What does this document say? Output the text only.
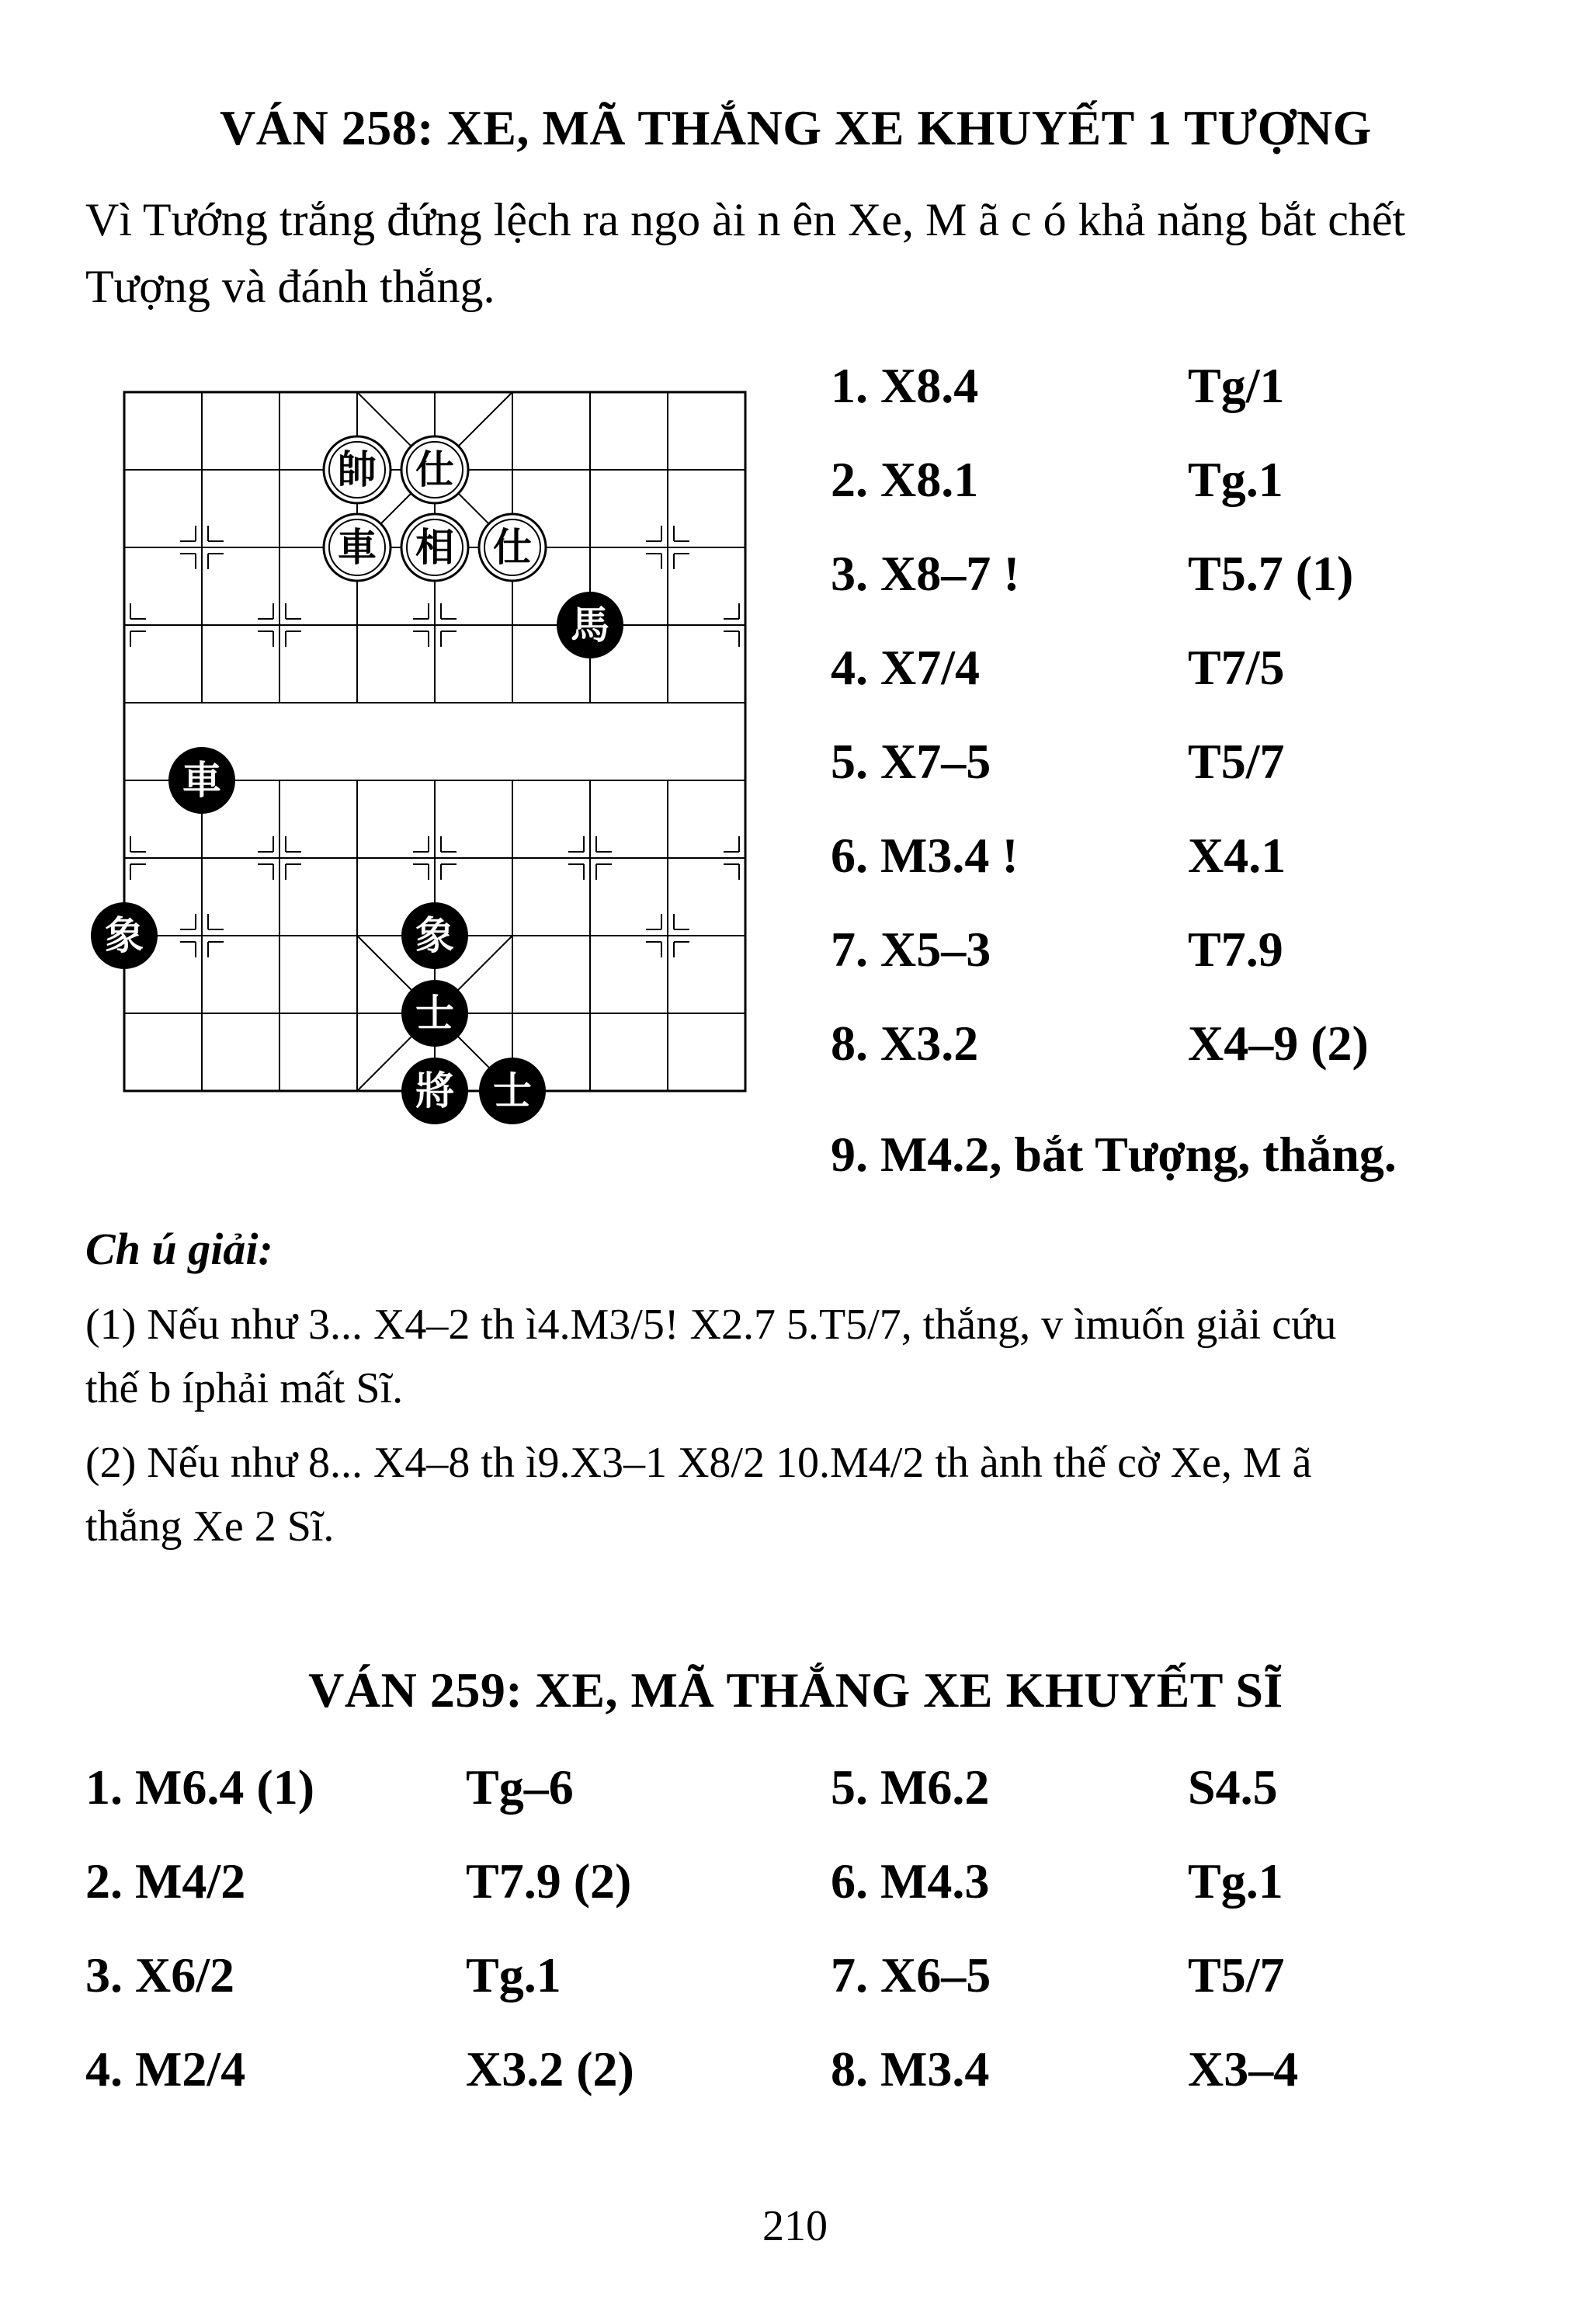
VÁN 258: XE, MÃ THẮNG XE KHUYẾT 1 TƯỢNG
Vì Tướng trắng đứng lệch ra ngo ài n ên Xe, M ã c ó khả năng bắt chết
Tượng và đánh thắng.
帥 仕
車 相 仕
馬
車
象	象
士
將 士
1. X8.4	Tg/1
2. X8.1	Tg.1
3. X8–7 !	T5.7 (1)
4. X7/4	T7/5
5. X7–5	T5/7
6. M3.4 !	X4.1
7. X5–3	T7.9
8. X3.2	X4–9 (2)
9. M4.2, bắt Tượng, thắng.
Ch ú giải:
(1) Nếu như 3... X4–2 th ì4.M3/5! X2.7 5.T5/7, thắng, v ìmuốn giải cứu
thế b íphải mất Sĩ.
(2) Nếu như 8... X4–8 th ì9.X3–1 X8/2 10.M4/2 th ành thế cờ Xe, M ã
thắng Xe 2 Sĩ.
VÁN 259: XE, MÃ THẮNG XE KHUYẾT SĨ
1. M6.4 (1)	Tg–6	5. M6.2	S4.5
2. M4/2	T7.9 (2)	6. M4.3	Tg.1
3. X6/2	Tg.1	7. X6–5	T5/7
4. M2/4	X3.2 (2)	8. M3.4	X3–4
210
